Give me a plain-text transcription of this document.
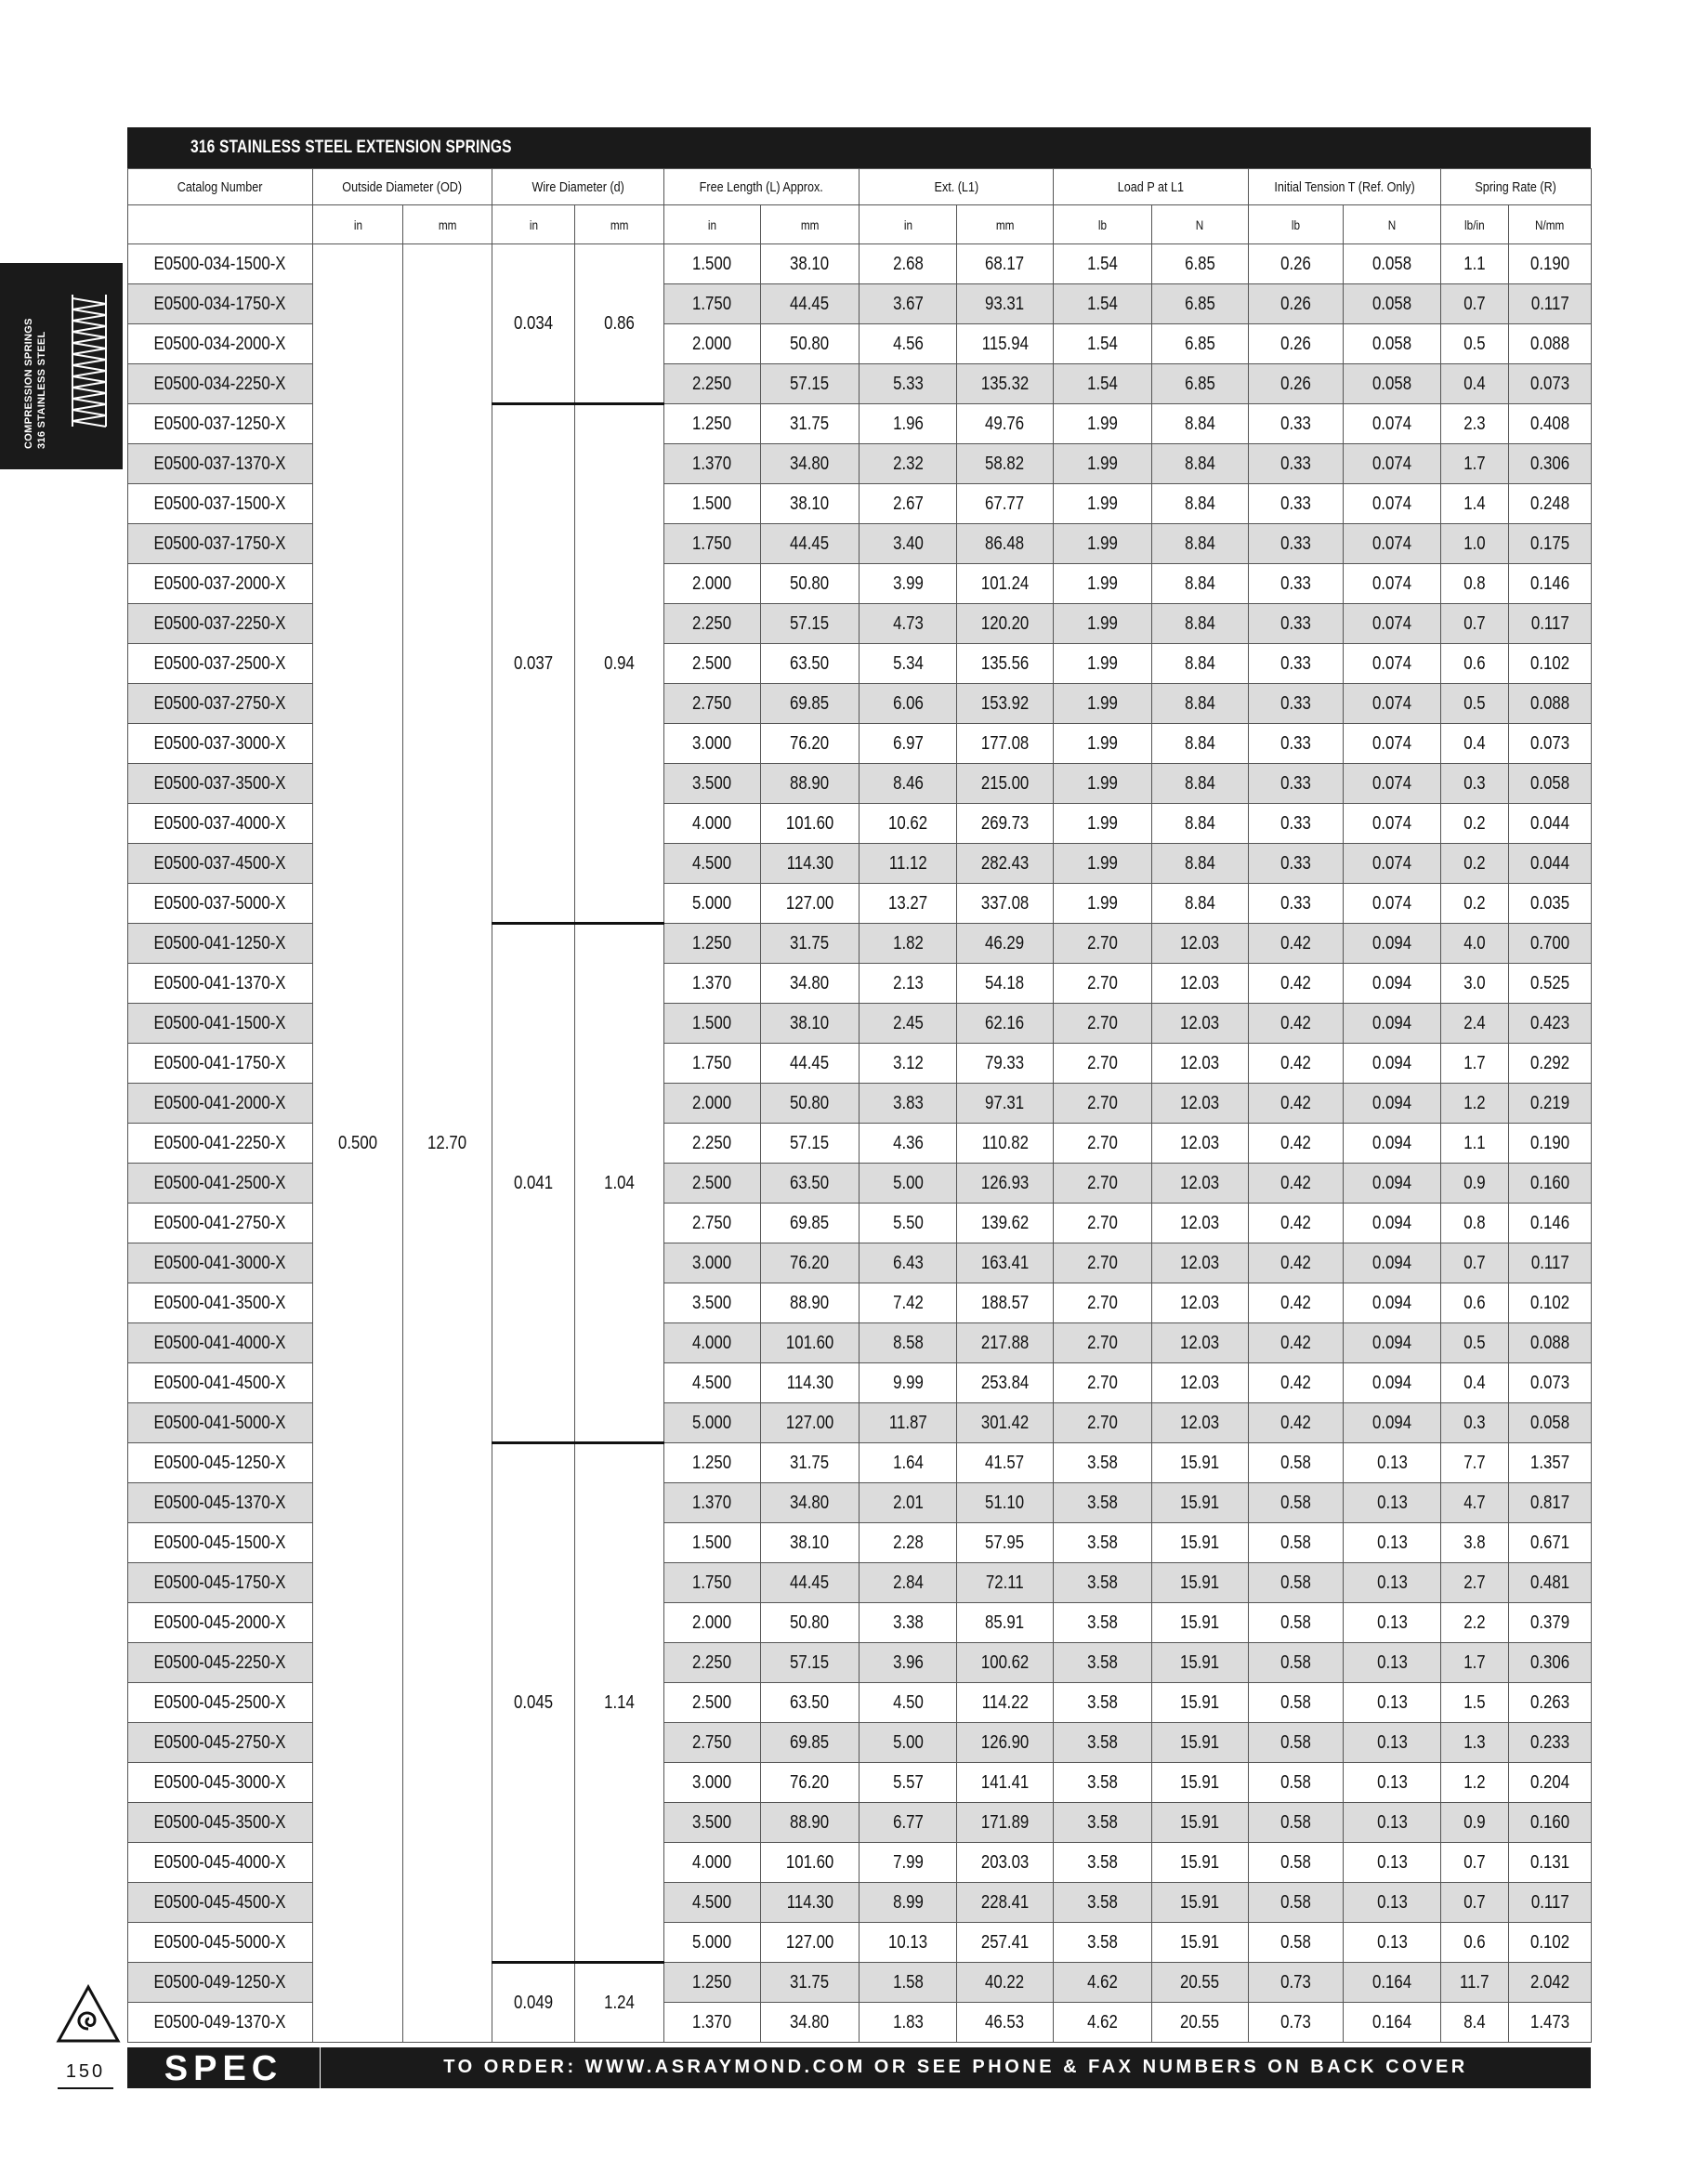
COMPRESSION SPRINGS 316 STAINLESS STEEL
316 STAINLESS STEEL EXTENSION SPRINGS
Catalog Number	Outside Diameter (OD)		Wire Diameter (d)		Free Length (L) Approx.		Ext. (L1)		Load P at L1		Initial Tension T (Ref. Only)		Spring Rate (R)	
	in	mm	in	mm	in	mm	in	mm	lb	N	lb	N	lb/in	N/mm
E0500-034-1500-X	0.500	12.70	0.034	0.86	1.500	38.10	2.68	68.17	1.54	6.85	0.26	0.058	1.1	0.190
E0500-034-1750-X					1.750	44.45	3.67	93.31	1.54	6.85	0.26	0.058	0.7	0.117
E0500-034-2000-X					2.000	50.80	4.56	115.94	1.54	6.85	0.26	0.058	0.5	0.088
E0500-034-2250-X					2.250	57.15	5.33	135.32	1.54	6.85	0.26	0.058	0.4	0.073
E0500-037-1250-X			0.037	0.94	1.250	31.75	1.96	49.76	1.99	8.84	0.33	0.074	2.3	0.408
E0500-037-1370-X					1.370	34.80	2.32	58.82	1.99	8.84	0.33	0.074	1.7	0.306
E0500-037-1500-X					1.500	38.10	2.67	67.77	1.99	8.84	0.33	0.074	1.4	0.248
E0500-037-1750-X					1.750	44.45	3.40	86.48	1.99	8.84	0.33	0.074	1.0	0.175
E0500-037-2000-X					2.000	50.80	3.99	101.24	1.99	8.84	0.33	0.074	0.8	0.146
E0500-037-2250-X					2.250	57.15	4.73	120.20	1.99	8.84	0.33	0.074	0.7	0.117
E0500-037-2500-X					2.500	63.50	5.34	135.56	1.99	8.84	0.33	0.074	0.6	0.102
E0500-037-2750-X					2.750	69.85	6.06	153.92	1.99	8.84	0.33	0.074	0.5	0.088
E0500-037-3000-X					3.000	76.20	6.97	177.08	1.99	8.84	0.33	0.074	0.4	0.073
E0500-037-3500-X					3.500	88.90	8.46	215.00	1.99	8.84	0.33	0.074	0.3	0.058
E0500-037-4000-X					4.000	101.60	10.62	269.73	1.99	8.84	0.33	0.074	0.2	0.044
E0500-037-4500-X					4.500	114.30	11.12	282.43	1.99	8.84	0.33	0.074	0.2	0.044
E0500-037-5000-X					5.000	127.00	13.27	337.08	1.99	8.84	0.33	0.074	0.2	0.035
E0500-041-1250-X			0.041	1.04	1.250	31.75	1.82	46.29	2.70	12.03	0.42	0.094	4.0	0.700
E0500-041-1370-X					1.370	34.80	2.13	54.18	2.70	12.03	0.42	0.094	3.0	0.525
E0500-041-1500-X					1.500	38.10	2.45	62.16	2.70	12.03	0.42	0.094	2.4	0.423
E0500-041-1750-X					1.750	44.45	3.12	79.33	2.70	12.03	0.42	0.094	1.7	0.292
E0500-041-2000-X					2.000	50.80	3.83	97.31	2.70	12.03	0.42	0.094	1.2	0.219
E0500-041-2250-X					2.250	57.15	4.36	110.82	2.70	12.03	0.42	0.094	1.1	0.190
E0500-041-2500-X					2.500	63.50	5.00	126.93	2.70	12.03	0.42	0.094	0.9	0.160
E0500-041-2750-X					2.750	69.85	5.50	139.62	2.70	12.03	0.42	0.094	0.8	0.146
E0500-041-3000-X					3.000	76.20	6.43	163.41	2.70	12.03	0.42	0.094	0.7	0.117
E0500-041-3500-X					3.500	88.90	7.42	188.57	2.70	12.03	0.42	0.094	0.6	0.102
E0500-041-4000-X					4.000	101.60	8.58	217.88	2.70	12.03	0.42	0.094	0.5	0.088
E0500-041-4500-X					4.500	114.30	9.99	253.84	2.70	12.03	0.42	0.094	0.4	0.073
E0500-041-5000-X					5.000	127.00	11.87	301.42	2.70	12.03	0.42	0.094	0.3	0.058
E0500-045-1250-X			0.045	1.14	1.250	31.75	1.64	41.57	3.58	15.91	0.58	0.13	7.7	1.357
E0500-045-1370-X					1.370	34.80	2.01	51.10	3.58	15.91	0.58	0.13	4.7	0.817
E0500-045-1500-X					1.500	38.10	2.28	57.95	3.58	15.91	0.58	0.13	3.8	0.671
E0500-045-1750-X					1.750	44.45	2.84	72.11	3.58	15.91	0.58	0.13	2.7	0.481
E0500-045-2000-X					2.000	50.80	3.38	85.91	3.58	15.91	0.58	0.13	2.2	0.379
E0500-045-2250-X					2.250	57.15	3.96	100.62	3.58	15.91	0.58	0.13	1.7	0.306
E0500-045-2500-X					2.500	63.50	4.50	114.22	3.58	15.91	0.58	0.13	1.5	0.263
E0500-045-2750-X					2.750	69.85	5.00	126.90	3.58	15.91	0.58	0.13	1.3	0.233
E0500-045-3000-X					3.000	76.20	5.57	141.41	3.58	15.91	0.58	0.13	1.2	0.204
E0500-045-3500-X					3.500	88.90	6.77	171.89	3.58	15.91	0.58	0.13	0.9	0.160
E0500-045-4000-X					4.000	101.60	7.99	203.03	3.58	15.91	0.58	0.13	0.7	0.131
E0500-045-4500-X					4.500	114.30	8.99	228.41	3.58	15.91	0.58	0.13	0.7	0.117
E0500-045-5000-X					5.000	127.00	10.13	257.41	3.58	15.91	0.58	0.13	0.6	0.102
E0500-049-1250-X			0.049	1.24	1.250	31.75	1.58	40.22	4.62	20.55	0.73	0.164	11.7	2.042
E0500-049-1370-X					1.370	34.80	1.83	46.53	4.62	20.55	0.73	0.164	8.4	1.473
150	SPEC	TO ORDER: WWW.ASRAYMOND.COM OR SEE PHONE & FAX NUMBERS ON BACK COVER
